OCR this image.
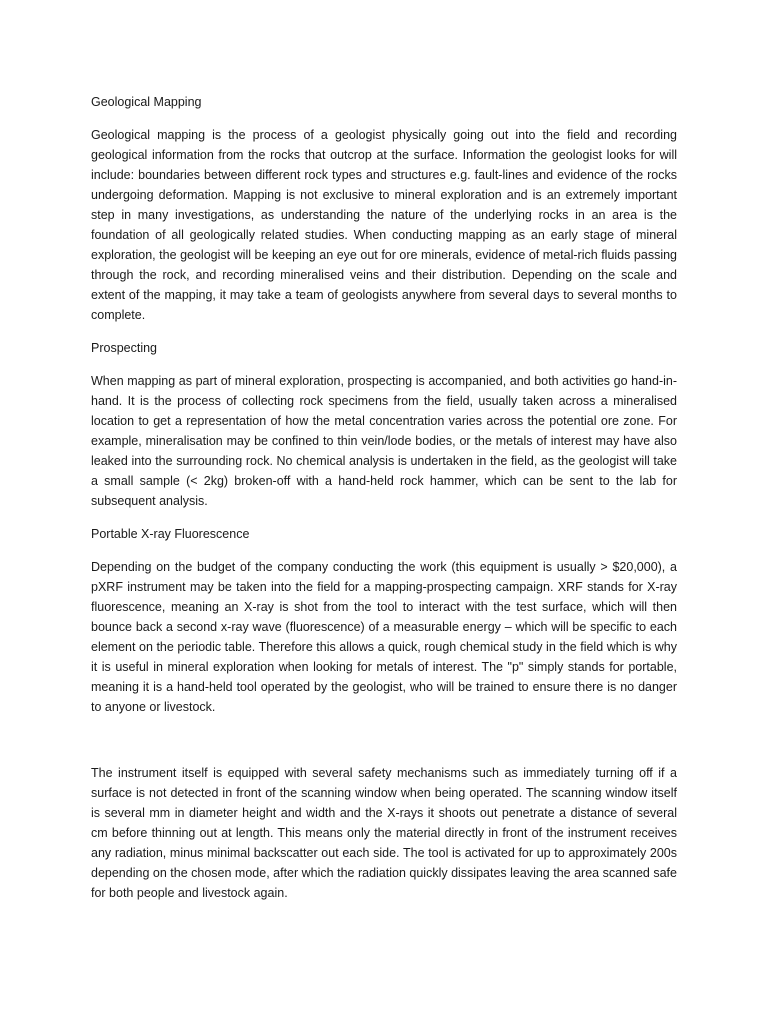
Geological Mapping

Geological mapping is the process of a geologist physically going out into the field and recording geological information from the rocks that outcrop at the surface. Information the geologist looks for will include: boundaries between different rock types and structures e.g. fault-lines and evidence of the rocks undergoing deformation. Mapping is not exclusive to mineral exploration and is an extremely important step in many investigations, as understanding the nature of the underlying rocks in an area is the foundation of all geologically related studies. When conducting mapping as an early stage of mineral exploration, the geologist will be keeping an eye out for ore minerals, evidence of metal-rich fluids passing through the rock, and recording mineralised veins and their distribution. Depending on the scale and extent of the mapping, it may take a team of geologists anywhere from several days to several months to complete.

Prospecting

When mapping as part of mineral exploration, prospecting is accompanied, and both activities go hand-in-hand. It is the process of collecting rock specimens from the field, usually taken across a mineralised location to get a representation of how the metal concentration varies across the potential ore zone. For example, mineralisation may be confined to thin vein/lode bodies, or the metals of interest may have also leaked into the surrounding rock. No chemical analysis is undertaken in the field, as the geologist will take a small sample (< 2kg) broken-off with a hand-held rock hammer, which can be sent to the lab for subsequent analysis.

Portable X-ray Fluorescence

Depending on the budget of the company conducting the work (this equipment is usually > $20,000), a pXRF instrument may be taken into the field for a mapping-prospecting campaign. XRF stands for X-ray fluorescence, meaning an X-ray is shot from the tool to interact with the test surface, which will then bounce back a second x-ray wave (fluorescence) of a measurable energy – which will be specific to each element on the periodic table. Therefore this allows a quick, rough chemical study in the field which is why it is useful in mineral exploration when looking for metals of interest. The "p" simply stands for portable, meaning it is a hand-held tool operated by the geologist, who will be trained to ensure there is no danger to anyone or livestock.

The instrument itself is equipped with several safety mechanisms such as immediately turning off if a surface is not detected in front of the scanning window when being operated. The scanning window itself is several mm in diameter height and width and the X-rays it shoots out penetrate a distance of several cm before thinning out at length. This means only the material directly in front of the instrument receives any radiation, minus minimal backscatter out each side. The tool is activated for up to approximately 200s depending on the chosen mode, after which the radiation quickly dissipates leaving the area scanned safe for both people and livestock again.
